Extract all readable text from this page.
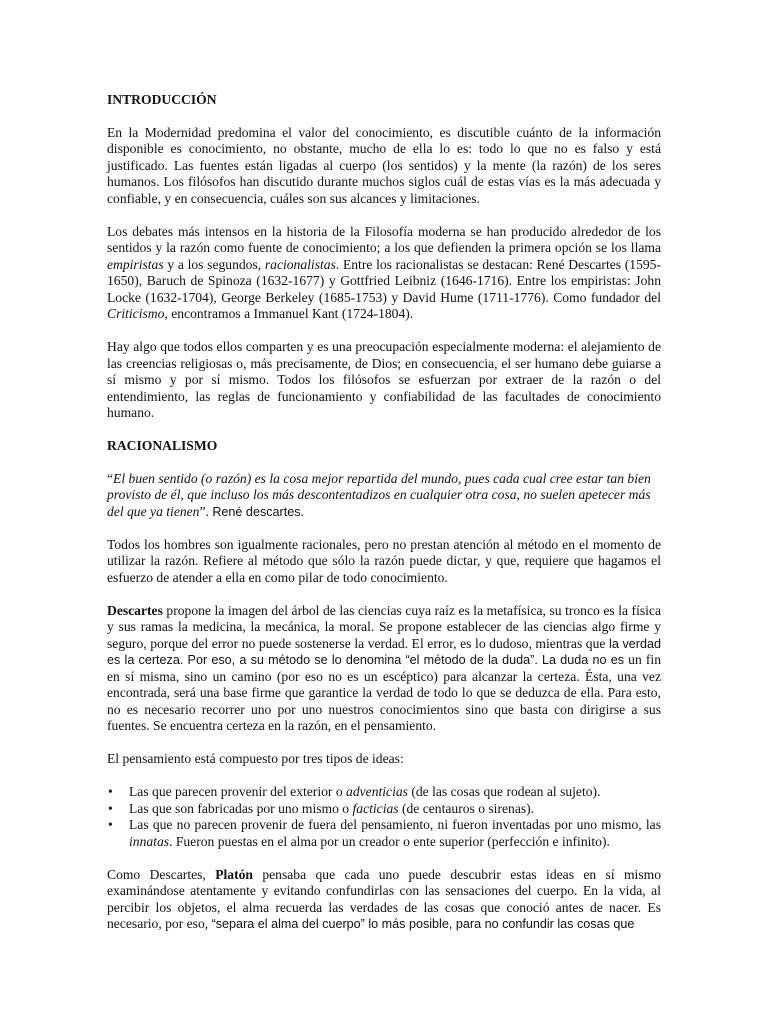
INTRODUCCIÓN

En la Modernidad predomina el valor del conocimiento, es discutible cuánto de la información disponible es conocimiento, no obstante, mucho de ella lo es: todo lo que no es falso y está justificado. Las fuentes están ligadas al cuerpo (los sentidos) y la mente (la razón) de los seres humanos. Los filósofos han discutido durante muchos siglos cuál de estas vías es la más adecuada y confiable, y en consecuencia, cuáles son sus alcances y limitaciones.

Los debates más intensos en la historia de la Filosofía moderna se han producido alrededor de los sentidos y la razón como fuente de conocimiento; a los que defienden la primera opción se los llama empiristas y a los segundos, racionalistas. Entre los racionalistas se destacan: René Descartes (1595-1650), Baruch de Spinoza (1632-1677) y Gottfried Leibniz (1646-1716). Entre los empiristas: John Locke (1632-1704), George Berkeley (1685-1753) y David Hume (1711-1776). Como fundador del Criticismo, encontramos a Immanuel Kant (1724-1804).

Hay algo que todos ellos comparten y es una preocupación especialmente moderna: el alejamiento de las creencias religiosas o, más precisamente, de Dios; en consecuencia, el ser humano debe guiarse a sí mismo y por sí mismo. Todos los filósofos se esfuerzan por extraer de la razón o del entendimiento, las reglas de funcionamiento y confiabilidad de las facultades de conocimiento humano.

RACIONALISMO

“El buen sentido (o razón) es la cosa mejor repartida del mundo, pues cada cual cree estar tan bien provisto de él, que incluso los más descontentadizos en cualquier otra cosa, no suelen apetecer más del que ya tienen”. René descartes.

Todos los hombres son igualmente racionales, pero no prestan atención al método en el momento de utilizar la razón. Refiere al método que sólo la razón puede dictar, y que, requiere que hagamos el esfuerzo de atender a ella en como pilar de todo conocimiento.

Descartes propone la imagen del árbol de las ciencias cuya raíz es la metafísica, su tronco es la física y sus ramas la medicina, la mecánica, la moral. Se propone establecer de las ciencias algo firme y seguro, porque del error no puede sostenerse la verdad. El error, es lo dudoso, mientras que la verdad es la certeza. Por eso, a su método se lo denomina “el método de la duda”. La duda no es un fin en sí misma, sino un camino (por eso no es un escéptico) para alcanzar la certeza. Ésta, una vez encontrada, será una base firme que garantice la verdad de todo lo que se deduzca de ella. Para esto, no es necesario recorrer uno por uno nuestros conocimientos sino que basta con dirigirse a sus fuentes. Se encuentra certeza en la razón, en el pensamiento.

El pensamiento está compuesto por tres tipos de ideas:

• Las que parecen provenir del exterior o adventicias (de las cosas que rodean al sujeto).
• Las que son fabricadas por uno mismo o facticias (de centauros o sirenas).
• Las que no parecen provenir de fuera del pensamiento, ni fueron inventadas por uno mismo, las innatas. Fueron puestas en el alma por un creador o ente superior (perfección e infinito).

Como Descartes, Platón pensaba que cada uno puede descubrir estas ideas en sí mismo examinándose atentamente y evitando confundirlas con las sensaciones del cuerpo. En la vida, al percibir los objetos, el alma recuerda las verdades de las cosas que conoció antes de nacer. Es necesario, por eso, “separa el alma del cuerpo” lo más posible, para no confundir las cosas que
